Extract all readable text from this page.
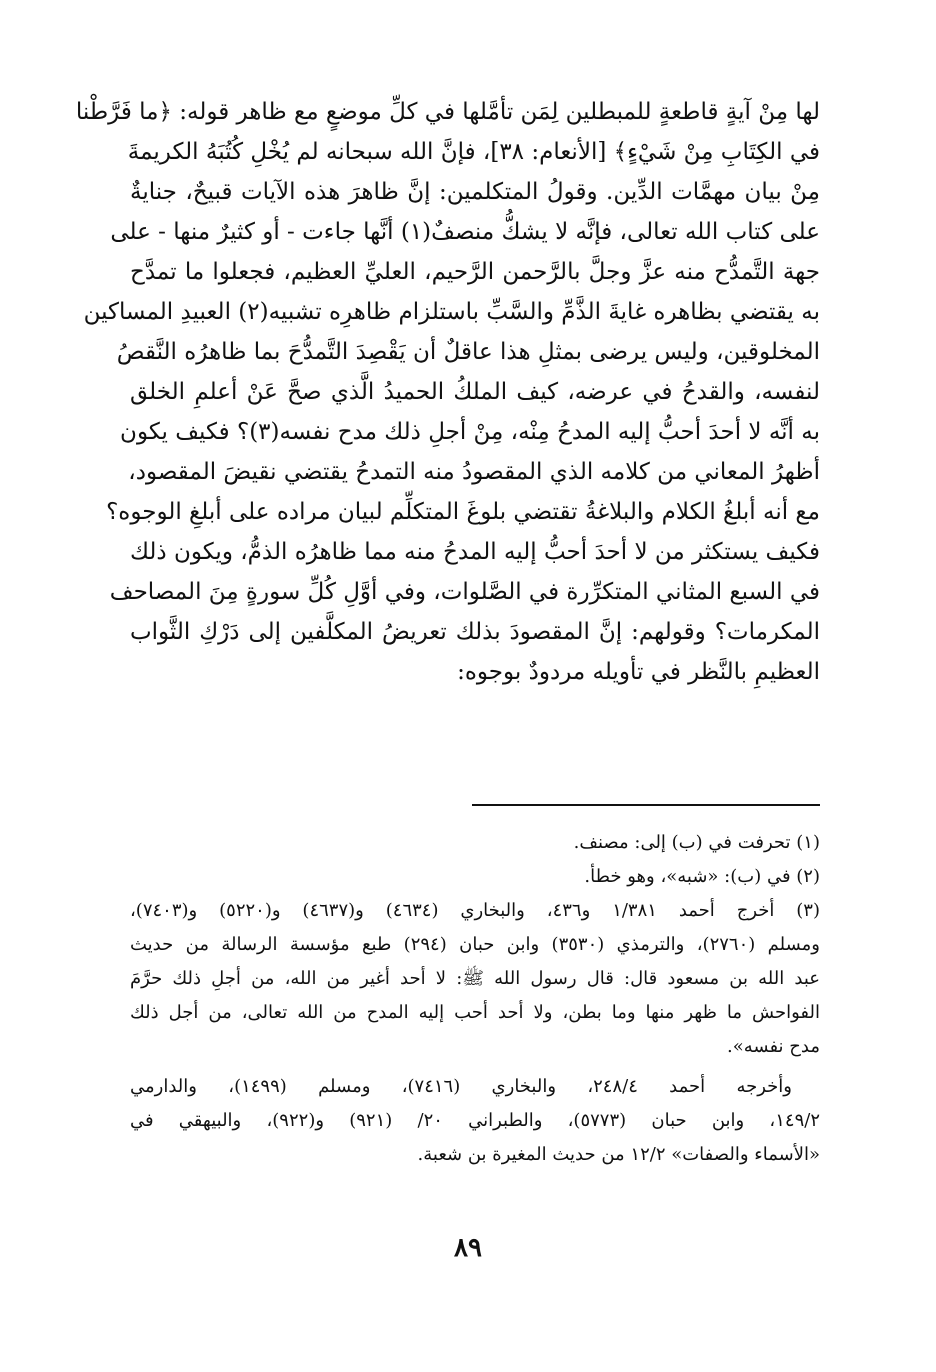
لها مِنْ آيةٍ قاطعةٍ للمبطلين لِمَن تأمَّلها في كلِّ موضعٍ مع ظاهر قوله: ﴿ما فَرَّطْنا
في الكِتَابِ مِنْ شَيْءٍ﴾ [الأنعام: ٣٨]، فإنَّ الله سبحانه لم يُخْلِ كُتُبَهُ الكريمةَ
مِنْ بيان مهمَّات الدِّين. وقولُ المتكلمين: إنَّ ظاهرَ هذه الآيات قبيحٌ، جنايةٌ
على كتاب الله تعالى، فإنَّه لا يشكُّ منصفٌ(١) أنَّها جاءت - أو كثيرٌ منها - على
جهة التَّمدُّح منه عزَّ وجلَّ بالرَّحمن الرَّحيم، العليِّ العظيم، فجعلوا ما تمدَّح
به يقتضي بظاهره غايةَ الذَّمِّ والسَّبِّ باستلزام ظاهرِه تشبيه(٢) العبيدِ المساكين
المخلوقين، وليس يرضى بمثلِ هذا عاقلٌ أن يَقْصِدَ التَّمدُّحَ بما ظاهرُه النَّقصُ
لنفسه، والقدحُ في عرضه، كيف الملكُ الحميدُ الَّذي صحَّ عَنْ أعلمِ الخلق
به أنَّه لا أحدَ أحبُّ إليه المدحُ مِنْه، مِنْ أجلِ ذلك مدح نفسه(٣)؟ فكيف يكون
أظهرُ المعاني من كلامه الذي المقصودُ منه التمدحُ يقتضي نقيضَ المقصود،
مع أنه أبلغُ الكلام والبلاغةُ تقتضي بلوغَ المتكلِّم لبيان مراده على أبلغِ الوجوه؟
فكيف يستكثر من لا أحدَ أحبُّ إليه المدحُ منه مما ظاهرُه الذمُّ، ويكون ذلك
في السبع المثاني المتكرِّرة في الصَّلوات، وفي أوَّلِ كُلِّ سورةٍ مِنَ المصاحف
المكرمات؟ وقولهم: إنَّ المقصودَ بذلك تعريضُ المكلَّفين إلى دَرْكِ الثَّواب
العظيمِ بالنَّظر في تأويله مردودٌ بوجوه:
(١) تحرفت في (ب) إلى: مصنف.
(٢) في (ب): «شبه»، وهو خطأ.
(٣) أخرج أحمد ١/٣٨١ و٤٣٦، والبخاري (٤٦٣٤) و(٤٦٣٧) و(٥٢٢٠) و(٧٤٠٣)،
ومسلم (٢٧٦٠)، والترمذي (٣٥٣٠) وابن حبان (٢٩٤) طبع مؤسسة الرسالة من حديث
عبد الله بن مسعود قال: قال رسول الله ﷺ: لا أحد أغير من الله، من أجلِ ذلك حرَّمَ
الفواحش ما ظهر منها وما بطن، ولا أحد أحب إليه المدح من الله تعالى، من أجل ذلك
مدح نفسه».
وأخرجه أحمد ٢٤٨/٤، والبخاري (٧٤١٦)، ومسلم (١٤٩٩)، والدارمي
١٤٩/٢، وابن حبان (٥٧٧٣)، والطبراني ٢٠/ (٩٢١) و(٩٢٢)، والبيهقي في
«الأسماء والصفات» ١٢/٢ من حديث المغيرة بن شعبة.
٨٩
